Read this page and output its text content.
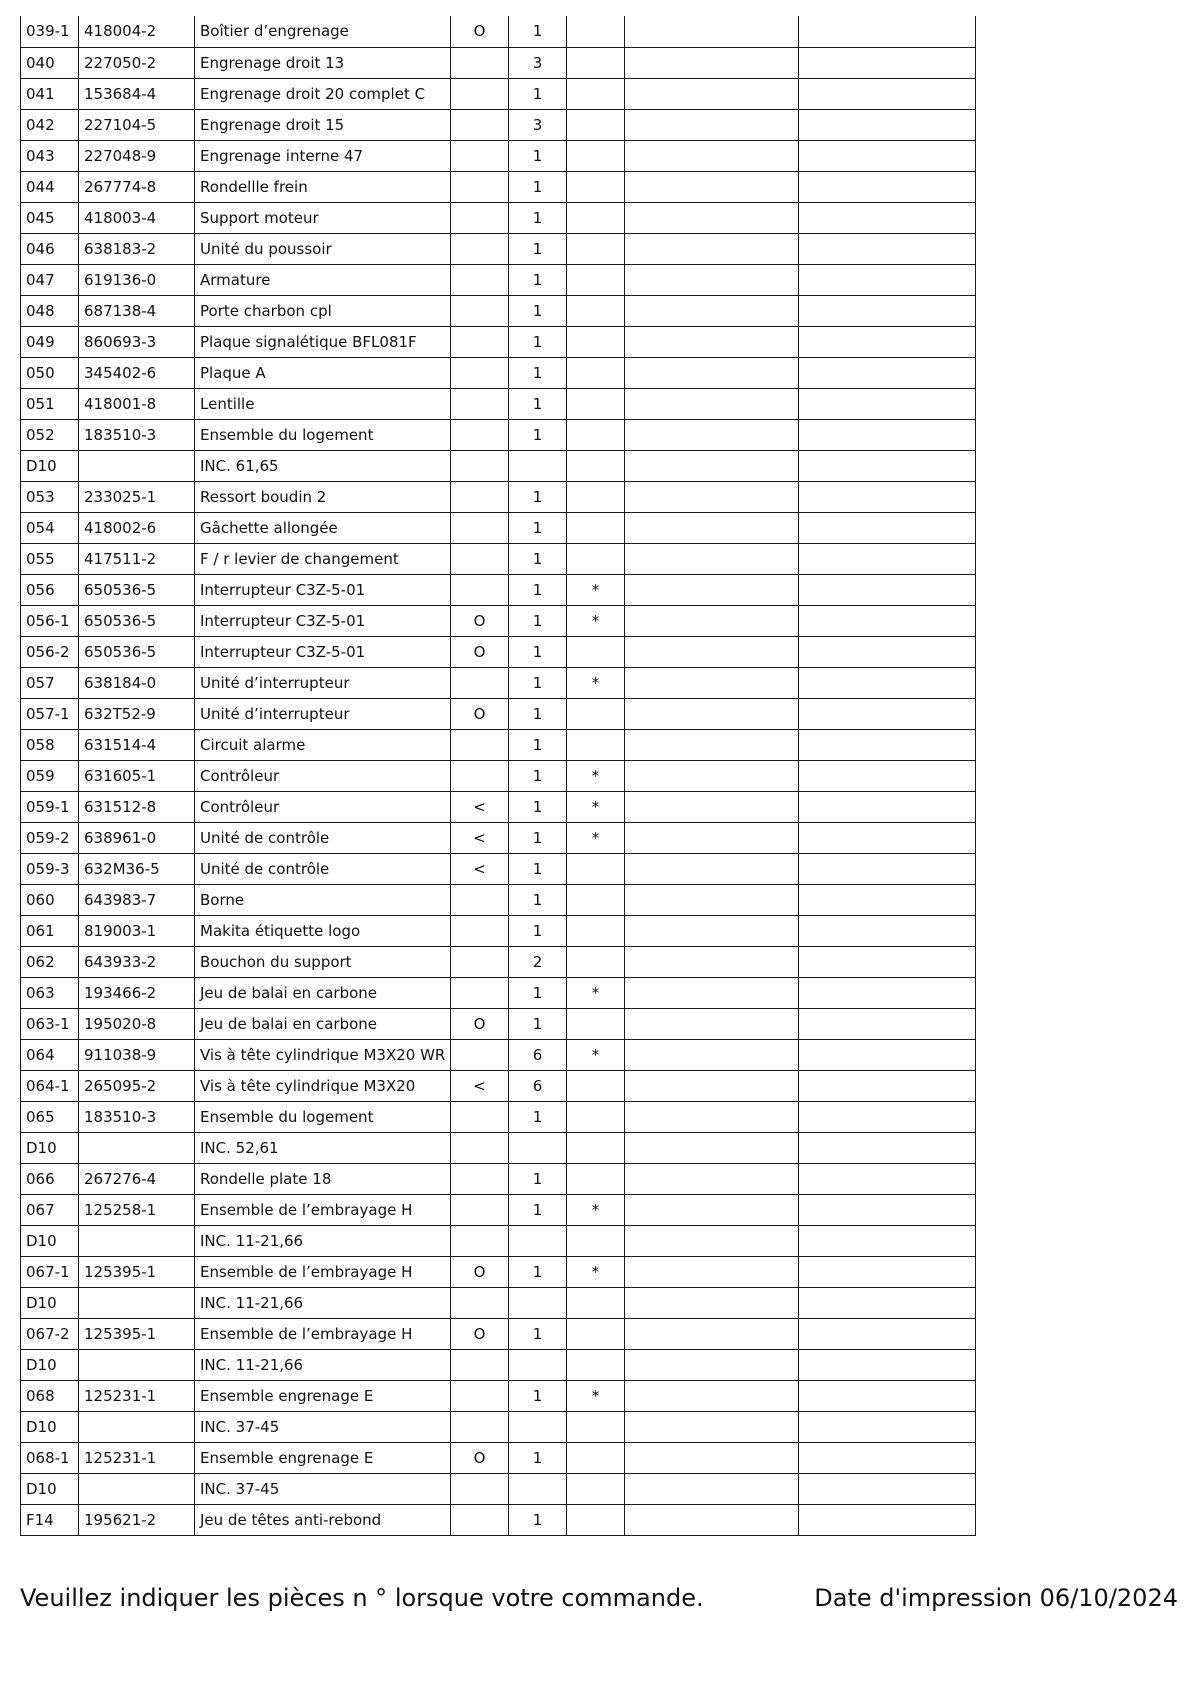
039-1	418004-2	Boîtier d’engrenage	O	1			
040	227050-2	Engrenage droit 13		3			
041	153684-4	Engrenage droit 20 complet C		1			
042	227104-5	Engrenage droit 15		3			
043	227048-9	Engrenage interne 47		1			
044	267774-8	Rondellle frein		1			
045	418003-4	Support moteur		1			
046	638183-2	Unité du poussoir		1			
047	619136-0	Armature		1			
048	687138-4	Porte charbon cpl		1			
049	860693-3	Plaque signalétique BFL081F		1			
050	345402-6	Plaque A		1			
051	418001-8	Lentille		1			
052	183510-3	Ensemble du logement		1			
D10		INC. 61,65					
053	233025-1	Ressort boudin 2		1			
054	418002-6	Gâchette allongée		1			
055	417511-2	F / r levier de changement		1			
056	650536-5	Interrupteur C3Z-5-01		1	*		
056-1	650536-5	Interrupteur C3Z-5-01	O	1	*		
056-2	650536-5	Interrupteur C3Z-5-01	O	1			
057	638184-0	Unité d’interrupteur		1	*		
057-1	632T52-9	Unité d’interrupteur	O	1			
058	631514-4	Circuit alarme		1			
059	631605-1	Contrôleur		1	*		
059-1	631512-8	Contrôleur	<	1	*		
059-2	638961-0	Unité de contrôle	<	1	*		
059-3	632M36-5	Unité de contrôle	<	1			
060	643983-7	Borne		1			
061	819003-1	Makita étiquette logo		1			
062	643933-2	Bouchon du support		2			
063	193466-2	Jeu de balai en carbone		1	*		
063-1	195020-8	Jeu de balai en carbone	O	1			
064	911038-9	Vis à tête cylindrique M3X20 WR		6	*		
064-1	265095-2	Vis à tête cylindrique M3X20	<	6			
065	183510-3	Ensemble du logement		1			
D10		INC. 52,61					
066	267276-4	Rondelle plate 18		1			
067	125258-1	Ensemble de l’embrayage H		1	*		
D10		INC. 11-21,66					
067-1	125395-1	Ensemble de l’embrayage H	O	1	*		
D10		INC. 11-21,66					
067-2	125395-1	Ensemble de l’embrayage H	O	1			
D10		INC. 11-21,66					
068	125231-1	Ensemble engrenage E		1	*		
D10		INC. 37-45					
068-1	125231-1	Ensemble engrenage E	O	1			
D10		INC. 37-45					
F14	195621-2	Jeu de têtes anti-rebond		1			
Veuillez indiquer les pièces n ° lorsque votre commande.	Date d'impression 06/10/2024
